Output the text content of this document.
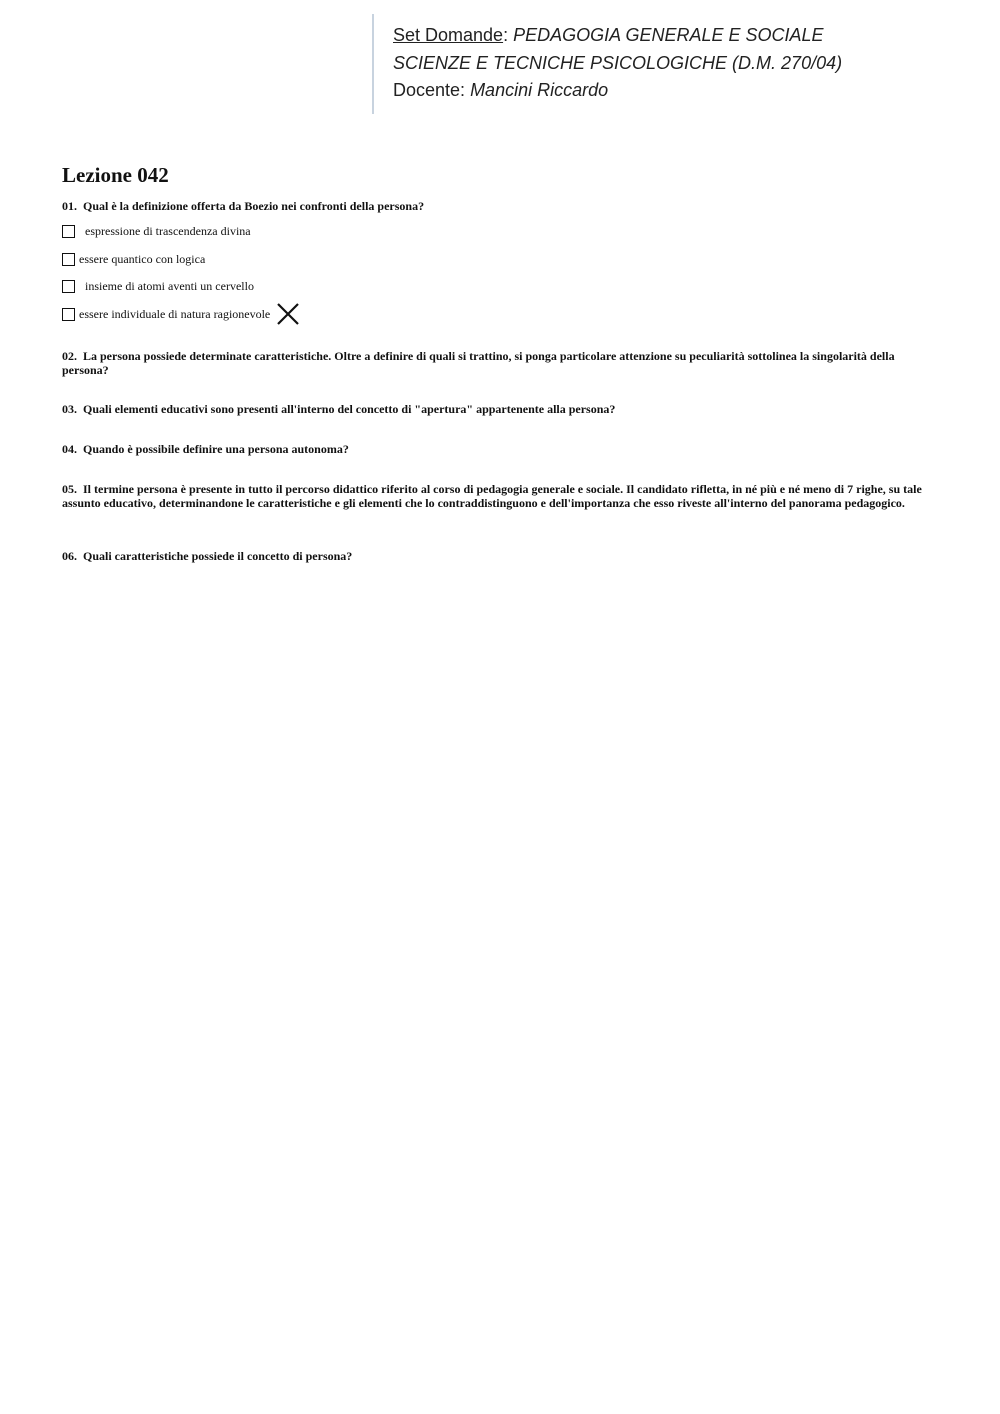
Set Domande: PEDAGOGIA GENERALE E SOCIALE
SCIENZE E TECNICHE PSICOLOGICHE (D.M. 270/04)
Docente: Mancini Riccardo
Lezione 042
01. Qual è la definizione offerta da Boezio nei confronti della persona?
espressione di trascendenza divina
essere quantico con logica
insieme di atomi aventi un cervello
essere individuale di natura ragionevole
02. La persona possiede determinate caratteristiche. Oltre a definire di quali si trattino, si ponga particolare attenzione su peculiarità sottolinea la singolarità della persona?
03. Quali elementi educativi sono presenti all'interno del concetto di "apertura" appartenente alla persona?
04. Quando è possibile definire una persona autonoma?
05. Il termine persona è presente in tutto il percorso didattico riferito al corso di pedagogia generale e sociale. Il candidato rifletta, in né più e né meno di 7 righe, su tale assunto educativo, determinandone le caratteristiche e gli elementi che lo contraddistinguono e dell'importanza che esso riveste all'interno del panorama pedagogico.
06. Quali caratteristiche possiede il concetto di persona?
